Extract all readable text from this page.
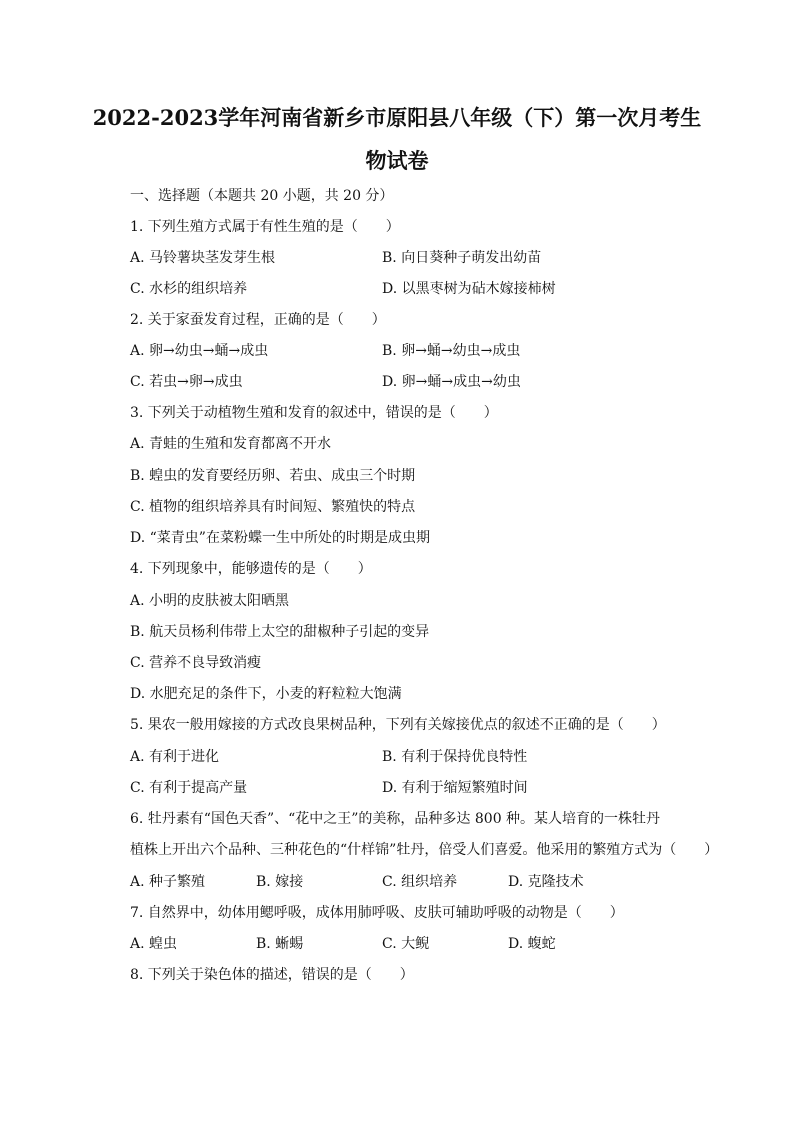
2022-2023学年河南省新乡市原阳县八年级（下）第一次月考生
物试卷
一、选择题（本题共 20 小题，共 20 分）
1. 下列生殖方式属于有性生殖的是（　　）
A. 马铃薯块茎发芽生根	B. 向日葵种子萌发出幼苗
C. 水杉的组织培养	D. 以黑枣树为砧木嫁接柿树
2. 关于家蚕发育过程，正确的是（　　）
A. 卵→幼虫→蛹→成虫	B. 卵→蛹→幼虫→成虫
C. 若虫→卵→成虫	D. 卵→蛹→成虫→幼虫
3. 下列关于动植物生殖和发育的叙述中，错误的是（　　）
A. 青蛙的生殖和发育都离不开水
B. 蝗虫的发育要经历卵、若虫、成虫三个时期
C. 植物的组织培养具有时间短、繁殖快的特点
D. “菜青虫”在菜粉蝶一生中所处的时期是成虫期
4. 下列现象中，能够遗传的是（　　）
A. 小明的皮肤被太阳晒黑
B. 航天员杨利伟带上太空的甜椒种子引起的变异
C. 营养不良导致消瘦
D. 水肥充足的条件下，小麦的籽粒粒大饱满
5. 果农一般用嫁接的方式改良果树品种，下列有关嫁接优点的叙述不正确的是（　　）
A. 有利于进化	B. 有利于保持优良特性
C. 有利于提高产量	D. 有利于缩短繁殖时间
6. 牡丹素有“国色天香”、“花中之王”的美称，品种多达 800 种。某人培育的一株牡丹
植株上开出六个品种、三种花色的“什样锦”牡丹，倍受人们喜爱。他采用的繁殖方式为（　　）
A. 种子繁殖	B. 嫁接	C. 组织培养	D. 克隆技术
7. 自然界中，幼体用鳃呼吸，成体用肺呼吸、皮肤可辅助呼吸的动物是（　　）
A. 蝗虫	B. 蜥蜴	C. 大鲵	D. 蝮蛇
8. 下列关于染色体的描述，错误的是（　　）
